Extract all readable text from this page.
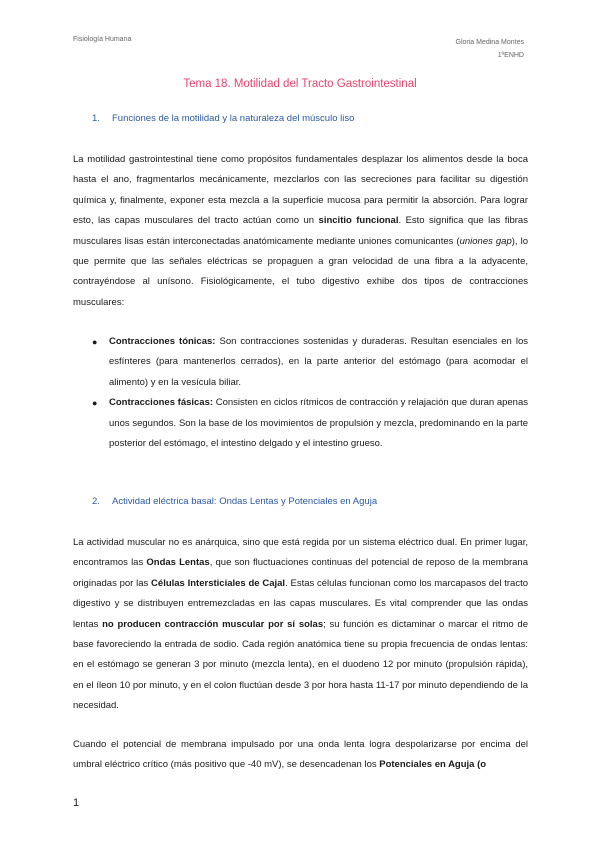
Fisiología Humana	Gloria Medina Montes
1ºENHD
Tema 18. Motilidad del Tracto Gastrointestinal
1. Funciones de la motilidad y la naturaleza del músculo liso

La motilidad gastrointestinal tiene como propósitos fundamentales desplazar los alimentos desde la boca hasta el ano, fragmentarlos mecánicamente, mezclarlos con las secreciones para facilitar su digestión química y, finalmente, exponer esta mezcla a la superficie mucosa para permitir la absorción. Para lograr esto, las capas musculares del tracto actúan como un sincitio funcional. Esto significa que las fibras musculares lisas están interconectadas anatómicamente mediante uniones comunicantes (uniones gap), lo que permite que las señales eléctricas se propaguen a gran velocidad de una fibra a la adyacente, contrayéndose al unísono. Fisiológicamente, el tubo digestivo exhibe dos tipos de contracciones musculares:

● Contracciones tónicas: Son contracciones sostenidas y duraderas. Resultan esenciales en los esfínteres (para mantenerlos cerrados), en la parte anterior del estómago (para acomodar el alimento) y en la vesícula biliar.
● Contracciones fásicas: Consisten en ciclos rítmicos de contracción y relajación que duran apenas unos segundos. Son la base de los movimientos de propulsión y mezcla, predominando en la parte posterior del estómago, el intestino delgado y el intestino grueso.
2. Actividad eléctrica basal: Ondas Lentas y Potenciales en Aguja

La actividad muscular no es anárquica, sino que está regida por un sistema eléctrico dual. En primer lugar, encontramos las Ondas Lentas, que son fluctuaciones continuas del potencial de reposo de la membrana originadas por las Células Intersticiales de Cajal. Estas células funcionan como los marcapasos del tracto digestivo y se distribuyen entremezcladas en las capas musculares. Es vital comprender que las ondas lentas no producen contracción muscular por sí solas; su función es dictaminar o marcar el ritmo de base favoreciendo la entrada de sodio. Cada región anatómica tiene su propia frecuencia de ondas lentas: en el estómago se generan 3 por minuto (mezcla lenta), en el duodeno 12 por minuto (propulsión rápida), en el íleon 10 por minuto, y en el colon fluctúan desde 3 por hora hasta 11-17 por minuto dependiendo de la necesidad.

Cuando el potencial de membrana impulsado por una onda lenta logra despolarizarse por encima del umbral eléctrico crítico (más positivo que -40 mV), se desencadenan los Potenciales en Aguja (o

1
